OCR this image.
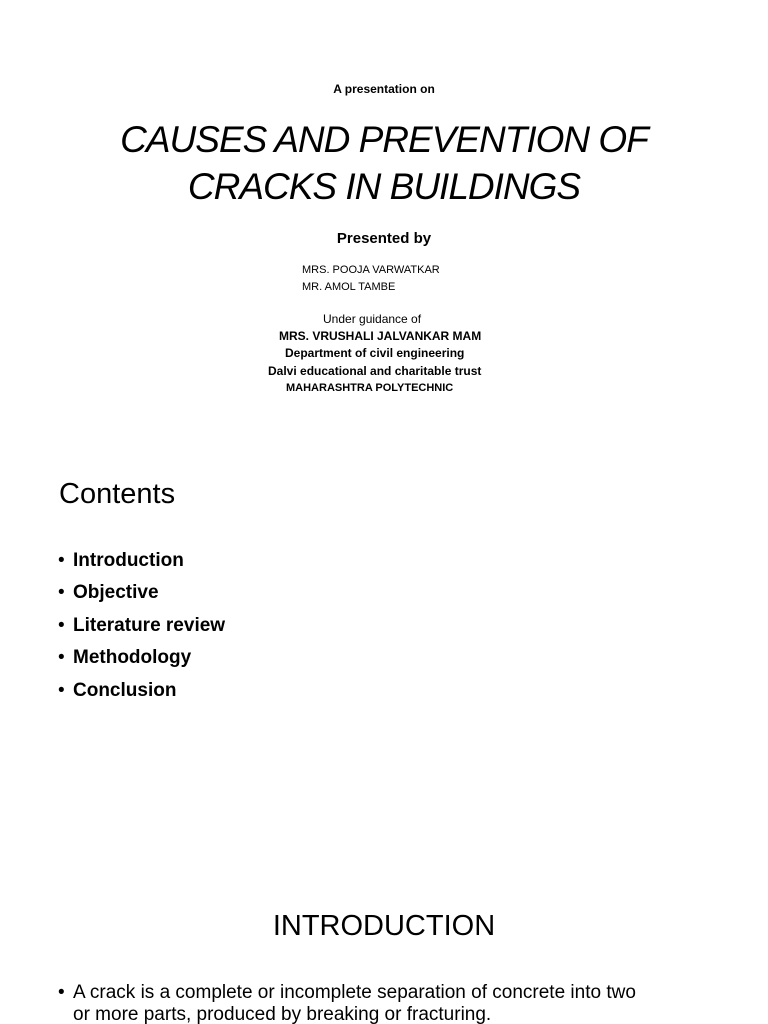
A presentation on
CAUSES AND PREVENTION OF
CRACKS IN BUILDINGS
Presented by
MRS. POOJA VARWATKAR
MR. AMOL TAMBE
Under guidance of
MRS. VRUSHALI JALVANKAR MAM
Department of civil engineering
Dalvi educational and charitable trust
MAHARASHTRA POLYTECHNIC
Contents
• Introduction
• Objective
• Literature review
• Methodology
• Conclusion
INTRODUCTION
• A crack is a complete or incomplete separation of concrete into two
or more parts, produced by breaking or fracturing.
